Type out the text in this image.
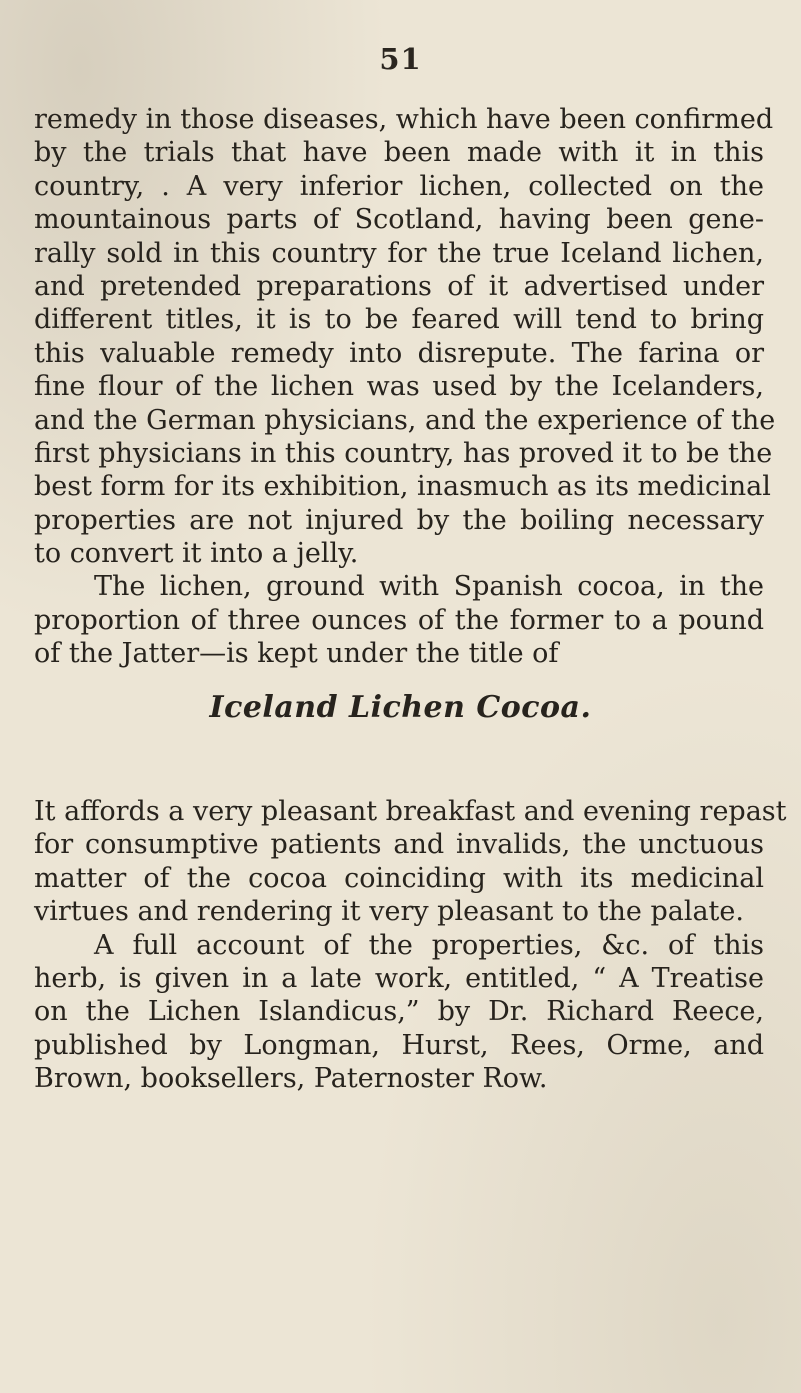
51
remedy in those diseases, which have been confirmed
by the trials that have been made with it in this
country, . A very inferior lichen, collected on the
mountainous parts of Scotland, having been gene-
rally sold in this country for the true Iceland lichen,
and pretended preparations of it advertised under
different titles, it is to be feared will tend to bring
this valuable remedy into disrepute. The farina or
fine flour of the lichen was used by the Icelanders,
and the German physicians, and the experience of the
first physicians in this country, has proved it to be the
best form for its exhibition, inasmuch as its medicinal
properties are not injured by the boiling necessary
to convert it into a jelly.
The lichen, ground with Spanish cocoa, in the
proportion of three ounces of the former to a pound
of the Jatter—is kept under the title of
Iceland Lichen Cocoa.
It affords a very pleasant breakfast and evening repast
for consumptive patients and invalids, the unctuous
matter of the cocoa coinciding with its medicinal
virtues and rendering it very pleasant to the palate.
A full account of the properties, &c. of this
herb, is given in a late work, entitled, “ A Treatise
on the Lichen Islandicus,” by Dr. Richard Reece,
published by Longman, Hurst, Rees, Orme, and
Brown, booksellers, Paternoster Row.
